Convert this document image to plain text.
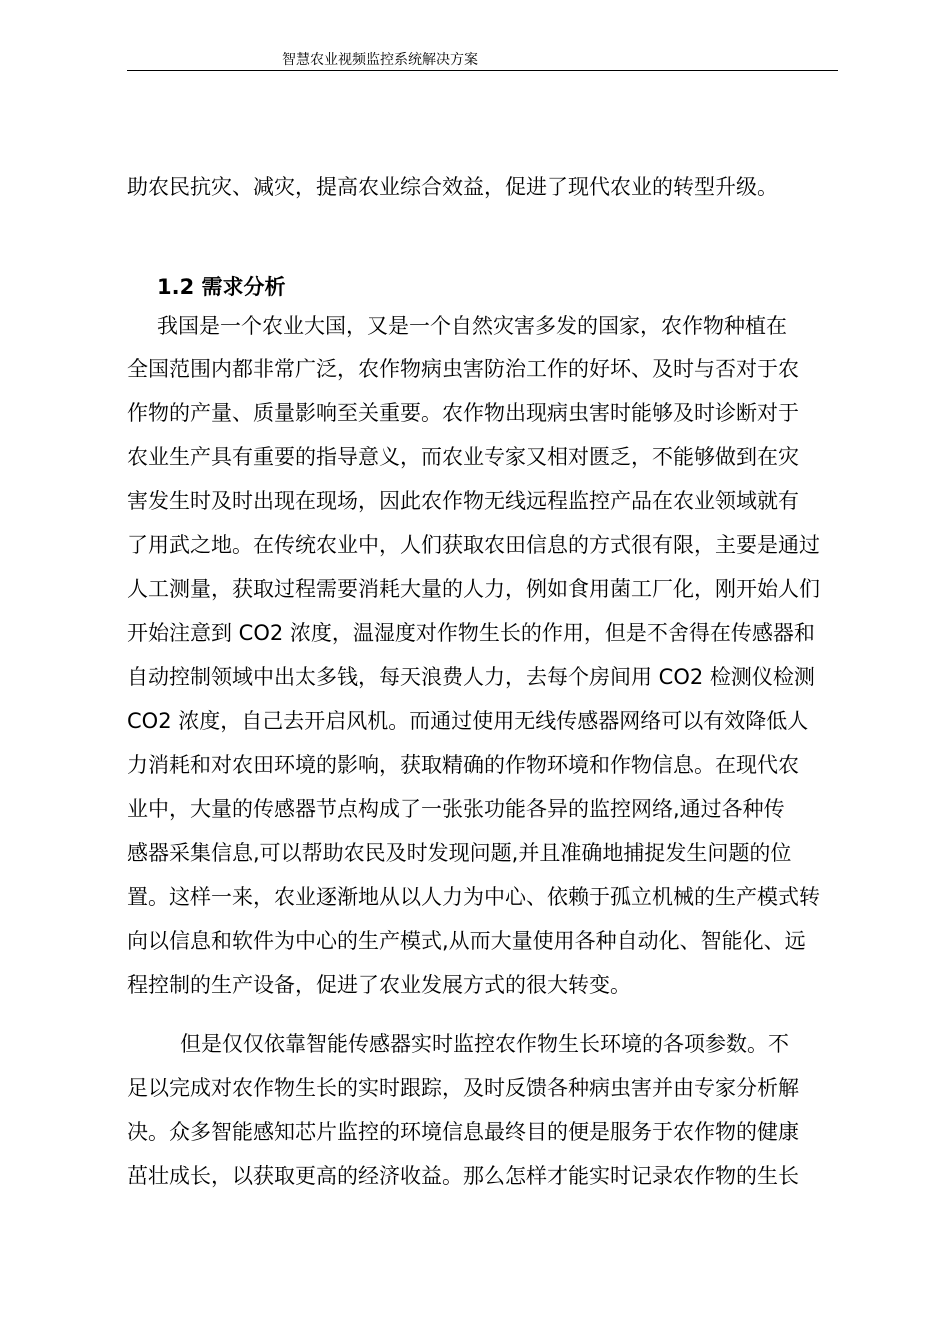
智慧农业视频监控系统解决方案
助农民抗灾、减灾，提高农业综合效益，促进了现代农业的转型升级。
1.2 需求分析
我国是一个农业大国，又是一个自然灾害多发的国家，农作物种植在
全国范围内都非常广泛，农作物病虫害防治工作的好坏、及时与否对于农
作物的产量、质量影响至关重要。农作物出现病虫害时能够及时诊断对于
农业生产具有重要的指导意义，而农业专家又相对匮乏，不能够做到在灾
害发生时及时出现在现场，因此农作物无线远程监控产品在农业领域就有
了用武之地。在传统农业中，人们获取农田信息的方式很有限，主要是通过
人工测量，获取过程需要消耗大量的人力，例如食用菌工厂化，刚开始人们
开始注意到 CO2 浓度，温湿度对作物生长的作用，但是不舍得在传感器和
自动控制领域中出太多钱，每天浪费人力，去每个房间用 CO2 检测仪检测
CO2 浓度，自己去开启风机。而通过使用无线传感器网络可以有效降低人
力消耗和对农田环境的影响，获取精确的作物环境和作物信息。在现代农
业中，大量的传感器节点构成了一张张功能各异的监控网络,通过各种传
感器采集信息,可以帮助农民及时发现问题,并且准确地捕捉发生问题的位
置。这样一来，农业逐渐地从以人力为中心、依赖于孤立机械的生产模式转
向以信息和软件为中心的生产模式,从而大量使用各种自动化、智能化、远
程控制的生产设备，促进了农业发展方式的很大转变。
但是仅仅依靠智能传感器实时监控农作物生长环境的各项参数。不
足以完成对农作物生长的实时跟踪，及时反馈各种病虫害并由专家分析解
决。众多智能感知芯片监控的环境信息最终目的便是服务于农作物的健康
茁壮成长，以获取更高的经济收益。那么怎样才能实时记录农作物的生长
